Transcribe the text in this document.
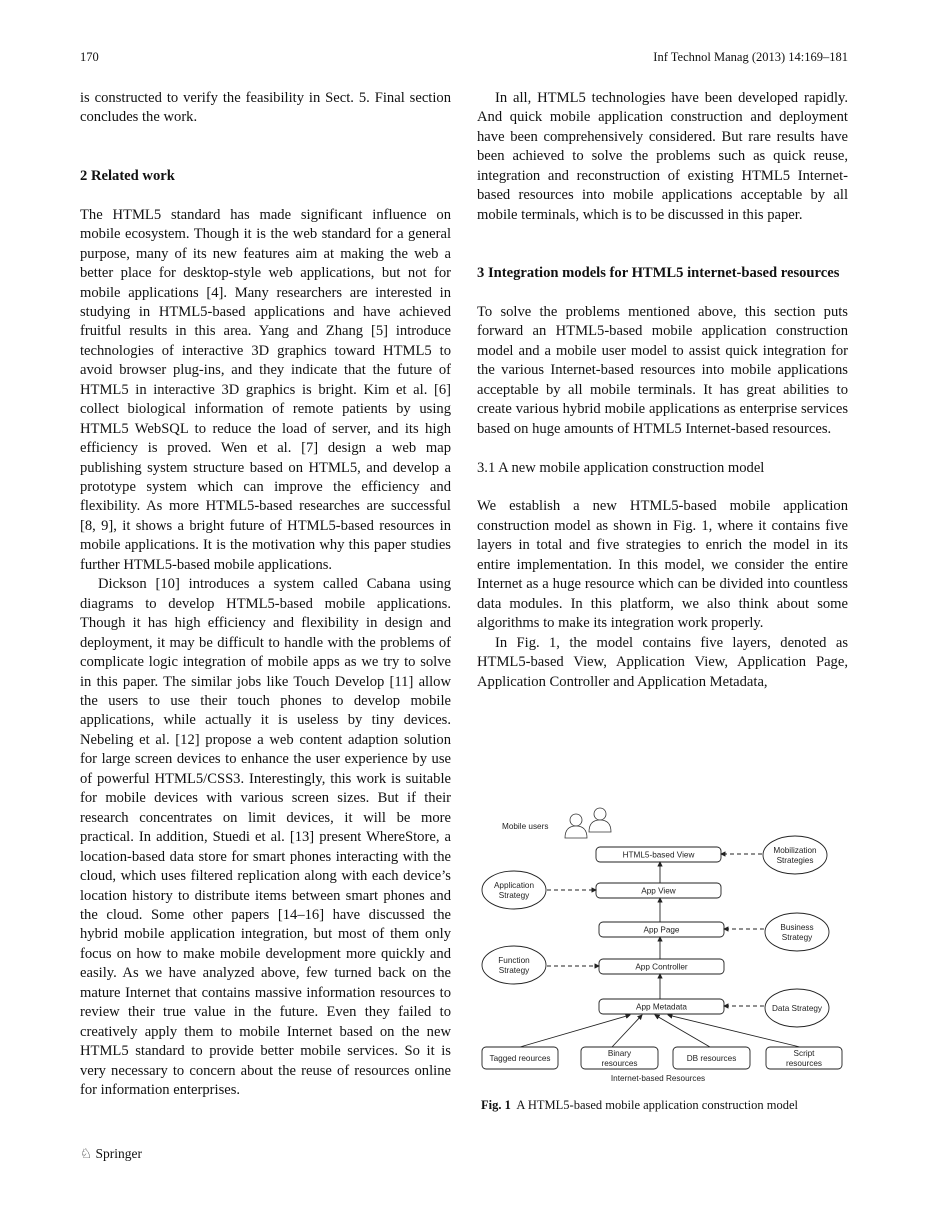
170	Inf Technol Manag (2013) 14:169–181

is constructed to verify the feasibility in Sect. 5. Final section concludes the work.

2 Related work

The HTML5 standard has made significant influence on mobile ecosystem. Though it is the web standard for a general purpose, many of its new features aim at making the web a better place for desktop-style web applications, but not for mobile applications [4]. Many researchers are interested in studying in HTML5-based applications and have achieved fruitful results in this area. Yang and Zhang [5] introduce technologies of interactive 3D graphics toward HTML5 to avoid browser plug-ins, and they indicate that the future of HTML5 in interactive 3D graphics is bright. Kim et al. [6] collect biological information of remote patients by using HTML5 WebSQL to reduce the load of server, and its high efficiency is proved. Wen et al. [7] design a web map publishing system structure based on HTML5, and develop a prototype system which can improve the efficiency and flexibility. As more HTML5-based researches are successful [8, 9], it shows a bright future of HTML5-based resources in mobile applications. It is the motivation why this paper studies further HTML5-based mobile applications.

Dickson [10] introduces a system called Cabana using diagrams to develop HTML5-based mobile applications. Though it has high efficiency and flexibility in design and deployment, it may be difficult to handle with the problems of complicate logic integration of mobile apps as we try to solve in this paper. The similar jobs like Touch Develop [11] allow the users to use their touch phones to develop mobile applications, while actually it is useless by tiny devices. Nebeling et al. [12] propose a web content adaption solution for large screen devices to enhance the user experience by use of powerful HTML5/CSS3. Interestingly, this work is suitable for mobile devices with various screen sizes. But if their research concentrates on limit devices, it will be more practical. In addition, Stuedi et al. [13] present WhereStore, a location-based data store for smart phones interacting with the cloud, which uses filtered replication along with each device’s location history to distribute items between smart phones and the cloud. Some other papers [14–16] have discussed the hybrid mobile application integration, but most of them only focus on how to make mobile development more quickly and easily. As we have analyzed above, few turned back on the mature Internet that contains massive information resources to review their true value in the future. Even they failed to creatively apply them to mobile Internet based on the new HTML5 standard to provide better mobile services. So it is very necessary to concern about the reuse of resources online for information enterprises.

In all, HTML5 technologies have been developed rapidly. And quick mobile application construction and deployment have been comprehensively considered. But rare results have been achieved to solve the problems such as quick reuse, integration and reconstruction of existing HTML5 Internet-based resources into mobile applications acceptable by all mobile terminals, which is to be discussed in this paper.

3 Integration models for HTML5 internet-based resources

To solve the problems mentioned above, this section puts forward an HTML5-based mobile application construction model and a mobile user model to assist quick integration for the various Internet-based resources into mobile applications acceptable by all mobile terminals. It has great abilities to create various hybrid mobile applications as enterprise services based on huge amounts of HTML5 Internet-based resources.

3.1 A new mobile application construction model

We establish a new HTML5-based mobile application construction model as shown in Fig. 1, where it contains five layers in total and five strategies to enrich the model in its entire implementation. In this model, we consider the entire Internet as a huge resource which can be divided into countless data modules. In this platform, we also think about some algorithms to make its integration work properly.

In Fig. 1, the model contains five layers, denoted as HTML5-based View, Application View, Application Page, Application Controller and Application Metadata,

Mobile users
HTML5-based View
App View
App Page
App Controller
App Metadata
Mobilization
Strategies
Application
Strategy
Business
Strategy
Function
Strategy
Data Strategy
Tagged reources
Binary
resources
DB resources
Script
resources
Internet-based Resources
Fig. 1 A HTML5-based mobile application construction model
♘ Springer
